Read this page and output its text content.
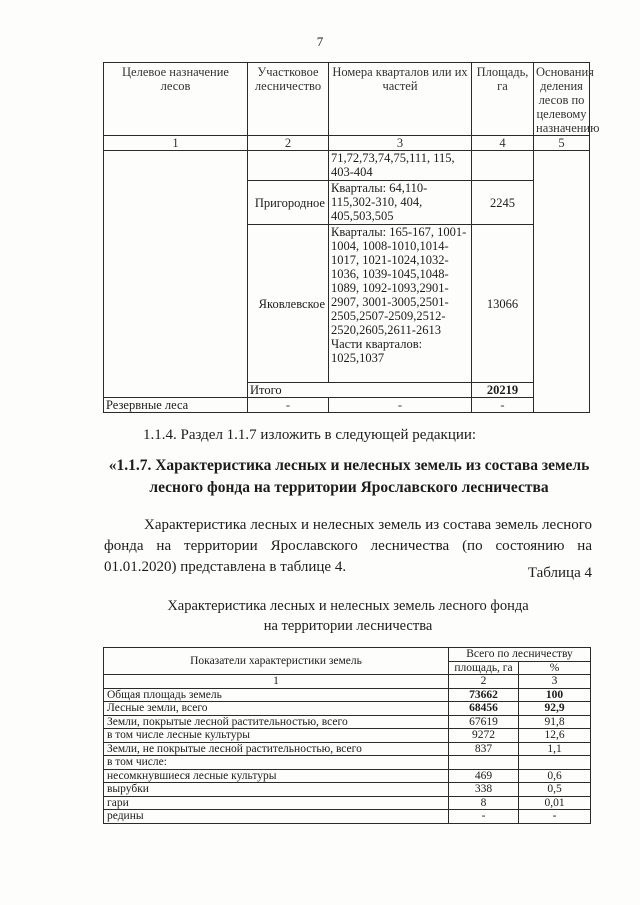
7
Целевое назначение лесов	Участковое лесничество	Номера кварталов или их частей	Площадь, га	Основания деления лесов по целевому назначению
1	2	3	4	5
		71,72,73,74,75,111, 115, 403-404		
	Пригородное	Кварталы: 64,110-115,302-310, 404, 405,503,505	2245	
	Яковлевское	Кварталы: 165-167, 1001-1004, 1008-1010,1014-1017, 1021-1024,1032-1036, 1039-1045,1048-1089, 1092-1093,2901-2907, 3001-3005,2501-2505,2507-2509,2512-2520,2605,2611-2613 Части кварталов: 1025,1037	13066	
	Итого		20219	
Резервные леса	-	-	-	
1.1.4. Раздел 1.1.7 изложить в следующей редакции:
«1.1.7. Характеристика лесных и нелесных земель из состава земель лесного фонда на территории Ярославского лесничества
Характеристика лесных и нелесных земель из состава земель лесного фонда на территории Ярославского лесничества (по состоянию на 01.01.2020) представлена в таблице 4.	Таблица 4
Характеристика лесных и нелесных земель лесного фонда
на территории лесничества
Показатели характеристики земель	Всего по лесничеству	
	площадь, га	%
1	2	3
Общая площадь земель	73662	100
Лесные земли, всего	68456	92,9
Земли, покрытые лесной растительностью, всего	67619	91,8
в том числе лесные культуры	9272	12,6
Земли, не покрытые лесной растительностью, всего	837	1,1
в том числе:		
несомкнувшиеся лесные культуры	469	0,6
вырубки	338	0,5
гари	8	0,01
редины	-	-
